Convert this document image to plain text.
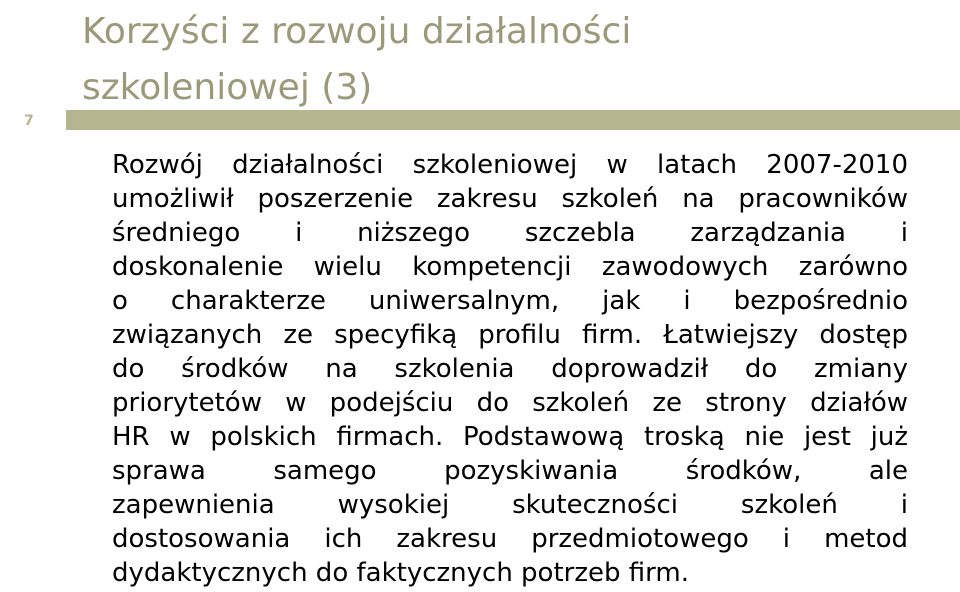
Korzyści z rozwoju działalności
szkoleniowej (3)
7

Rozwój działalności szkoleniowej w latach 2007-2010
umożliwił poszerzenie zakresu szkoleń na pracowników
średniego i niższego szczebla zarządzania i
doskonalenie wielu kompetencji zawodowych zarówno
o charakterze uniwersalnym, jak i bezpośrednio
związanych ze specyfiką profilu firm. Łatwiejszy dostęp
do środków na szkolenia doprowadził do zmiany
priorytetów w podejściu do szkoleń ze strony działów
HR w polskich firmach. Podstawową troską nie jest już
sprawa samego pozyskiwania środków, ale
zapewnienia wysokiej skuteczności szkoleń i
dostosowania ich zakresu przedmiotowego i metod
dydaktycznych do faktycznych potrzeb firm.
